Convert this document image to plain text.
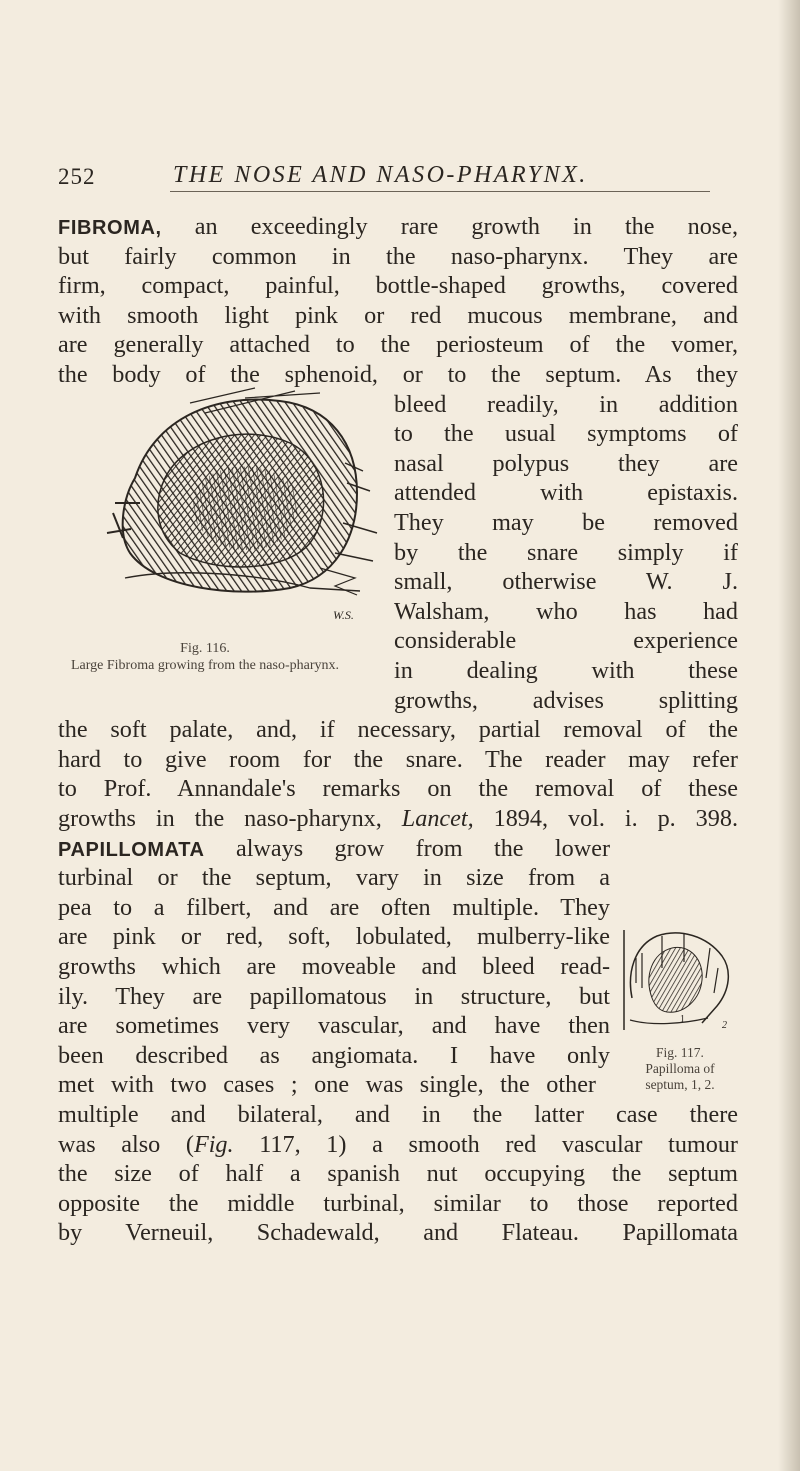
252	THE NOSE AND NASO-PHARYNX.
FIBROMA, an exceedingly rare growth in the nose,
but fairly common in the naso-pharynx. They are
firm, compact, painful, bottle-shaped growths, covered
with smooth light pink or red mucous membrane, and
are generally attached to the periosteum of the vomer,
the body of the sphenoid, or to the septum. As they
bleed readily, in addition
to the usual symptoms of
nasal polypus they are
attended with epistaxis.
They may be removed
by the snare simply if
small, otherwise W. J.
Walsham, who has had
considerable experience
in dealing with these
growths, advises splitting
the soft palate, and, if necessary, partial removal of the
hard to give room for the snare. The reader may refer
to Prof. Annandale's remarks on the removal of these
growths in the naso-pharynx, Lancet, 1894, vol. i. p. 398.
W.S.
Fig. 116.
Large Fibroma growing from the naso-pharynx.
PAPILLOMATA always grow from the lower
turbinal or the septum, vary in size from a
pea to a filbert, and are often multiple. They
are pink or red, soft, lobulated, mulberry-like
growths which are moveable and bleed read-
ily. They are papillomatous in structure, but
are sometimes very vascular, and have then
been described as angiomata. I have only
met with two cases ; one was single, the other
multiple and bilateral, and in the latter case there
was also (Fig. 117, 1) a smooth red vascular tumour
the size of half a spanish nut occupying the septum
opposite the middle turbinal, similar to those reported
by Verneuil, Schadewald, and Flateau. Papillomata
1
2
Fig. 117.
Papilloma of
septum, 1, 2.
